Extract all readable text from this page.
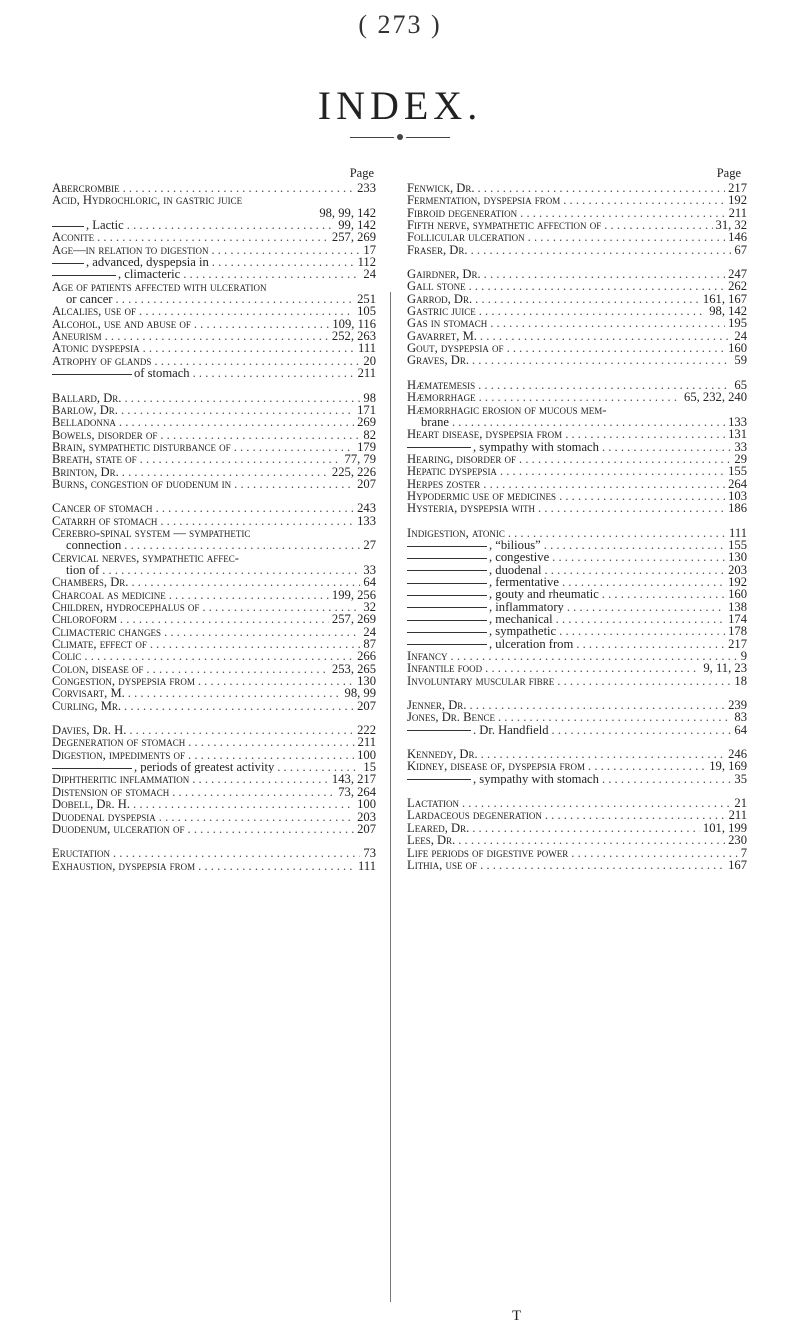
( 273 )
INDEX.
Page
Abercrombie . .	233
Acid, Hydrochloric, in gastric juice
98, 99, 142
, Lactic . .	99, 142
Aconite . .	257, 269
Age—in relation to digestion . .	17
, advanced, dyspepsia in . .	112
, climacteric . .	24
Age of patients affected with ulceration
or cancer . .	251
Alcalies, use of . .	105
Alcohol, use and abuse of . .	109, 116
Aneurism . .	252, 263
Atonic dyspepsia . .	111
Atrophy of glands . .	20
of stomach . .	211
Ballard, Dr. . .	98
Barlow, Dr. . .	171
Belladonna . .	269
Bowels, disorder of . .	82
Brain, sympathetic disturbance of . .	179
Breath, state of . .	77, 79
Brinton, Dr. . .	225, 226
Burns, congestion of duodenum in . .	207
Cancer of stomach . .	243
Catarrh of stomach . .	133
Cerebro-spinal system — sympathetic
connection . .	27
Cervical nerves, sympathetic affec-
tion of . .	33
Chambers, Dr. . .	64
Charcoal as medicine . .	199, 256
Children, hydrocephalus of . .	32
Chloroform . .	257, 269
Climacteric changes . .	24
Climate, effect of . .	87
Colic . .	266
Colon, disease of . .	253, 265
Congestion, dyspepsia from . .	130
Corvisart, M. . .	98, 99
Curling, Mr. . .	207
Davies, Dr. H. . .	222
Degeneration of stomach . .	211
Digestion, impediments of . .	100
, periods of greatest activity . .	15
Diphtheritic inflammation . .	143, 217
Distension of stomach . .	73, 264
Dobell, Dr. H. . .	100
Duodenal dyspepsia . .	203
Duodenum, ulceration of . .	207
Eructation . .	73
Exhaustion, dyspepsia from . .	111
Page
Fenwick, Dr. . .	217
Fermentation, dyspepsia from . .	192
Fibroid degeneration . .	211
Fifth nerve, sympathetic affection of . .	31, 32
Follicular ulceration . .	146
Fraser, Dr. . .	67
Gairdner, Dr. . .	247
Gall stone . .	262
Garrod, Dr. . .	161, 167
Gastric juice . .	98, 142
Gas in stomach . .	195
Gavarret, M. . .	24
Gout, dyspepsia of . .	160
Graves, Dr. . .	59
Hæmatemesis . .	65
Hæmorrhage . .	65, 232, 240
Hæmorrhagic erosion of mucous mem-
brane . .	133
Heart disease, dyspepsia from . .	131
, sympathy with stomach . .	33
Hearing, disorder of . .	29
Hepatic dyspepsia . .	155
Herpes zoster . .	264
Hypodermic use of medicines . .	103
Hysteria, dyspepsia with . .	186
Indigestion, atonic . .	111
, “bilious” . .	155
, congestive . .	130
, duodenal . .	203
, fermentative . .	192
, gouty and rheumatic . .	160
, inflammatory . .	138
, mechanical . .	174
, sympathetic . .	178
, ulceration from . .	217
Infancy . .	9
Infantile food . .	9, 11, 23
Involuntary muscular fibre . .	18
Jenner, Dr. . .	239
Jones, Dr. Bence . .	83
. Dr. Handfield . .	64
Kennedy, Dr. . .	246
Kidney, disease of, dyspepsia from . .	19, 169
, sympathy with stomach . .	35
Lactation . .	21
Lardaceous degeneration . .	211
Leared, Dr. . .	101, 199
Lees, Dr. . .	230
Life periods of digestive power . .	7
Lithia, use of . .	167
T
